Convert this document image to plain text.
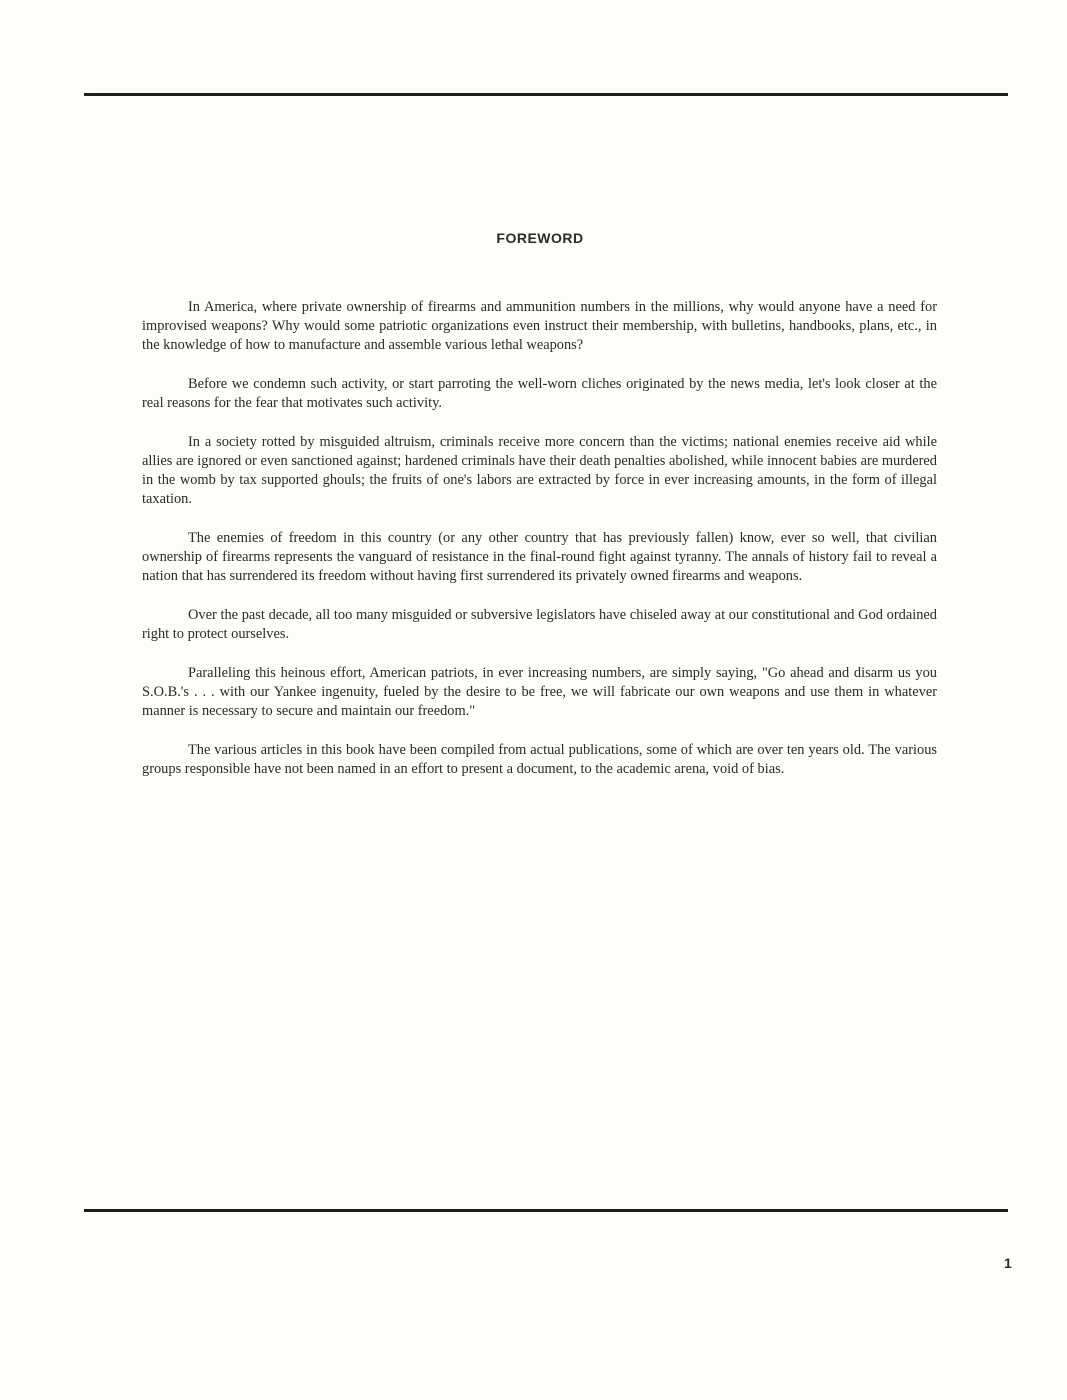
FOREWORD

In America, where private ownership of firearms and ammunition numbers in the millions, why would anyone have a need for improvised weapons? Why would some patriotic organizations even instruct their membership, with bulletins, handbooks, plans, etc., in the knowledge of how to manufacture and assemble various lethal weapons?

Before we condemn such activity, or start parroting the well-worn cliches originated by the news media, let's look closer at the real reasons for the fear that motivates such activity.

In a society rotted by misguided altruism, criminals receive more concern than the victims; national enemies receive aid while allies are ignored or even sanctioned against; hardened criminals have their death penalties abolished, while innocent babies are murdered in the womb by tax supported ghouls; the fruits of one's labors are extracted by force in ever increasing amounts, in the form of illegal taxation.

The enemies of freedom in this country (or any other country that has previously fallen) know, ever so well, that civilian ownership of firearms represents the vanguard of resistance in the final-round fight against tyranny. The annals of history fail to reveal a nation that has surrendered its freedom without having first surrendered its privately owned firearms and weapons.

Over the past decade, all too many misguided or subversive legislators have chiseled away at our constitutional and God ordained right to protect ourselves.

Paralleling this heinous effort, American patriots, in ever increasing numbers, are simply saying, "Go ahead and disarm us you S.O.B.'s . . . with our Yankee ingenuity, fueled by the desire to be free, we will fabricate our own weapons and use them in whatever manner is necessary to secure and maintain our freedom."

The various articles in this book have been compiled from actual publications, some of which are over ten years old. The various groups responsible have not been named in an effort to present a document, to the academic arena, void of bias.

1
